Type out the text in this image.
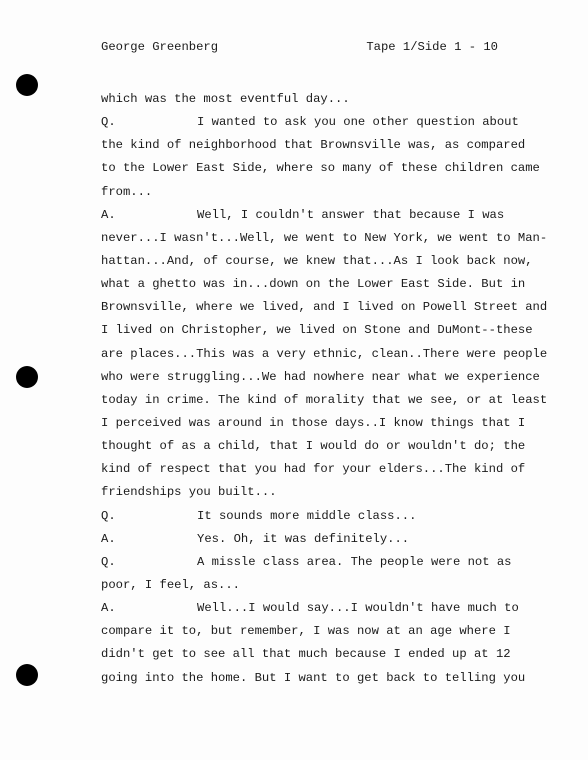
George Greenberg

	Tape 1/Side 1 - 10

which was the most eventful day...
Q.	I wanted to ask you one other question about
the kind of neighborhood that Brownsville was, as compared
to the Lower East Side, where so many of these children came
from...
A.	Well, I couldn't answer that because I was
never...I wasn't...Well, we went to New York, we went to Man-
hattan...And, of course, we knew that...As I look back now,
what a ghetto was in...down on the Lower East Side. But in
Brownsville, where we lived, and I lived on Powell Street and
I lived on Christopher, we lived on Stone and DuMont--these
are places...This was a very ethnic, clean..There were people
who were struggling...We had nowhere near what we experience
today in crime. The kind of morality that we see, or at least
I perceived was around in those days..I know things that I
thought of as a child, that I would do or wouldn't do; the
kind of respect that you had for your elders...The kind of
friendships you built...
Q.	It sounds more middle class...
A.	Yes. Oh, it was definitely...
Q.	A missle class area. The people were not as
poor, I feel, as...
A.	Well...I would say...I wouldn't have much to
compare it to, but remember, I was now at an age where I
didn't get to see all that much because I ended up at 12
going into the home. But I want to get back to telling you
